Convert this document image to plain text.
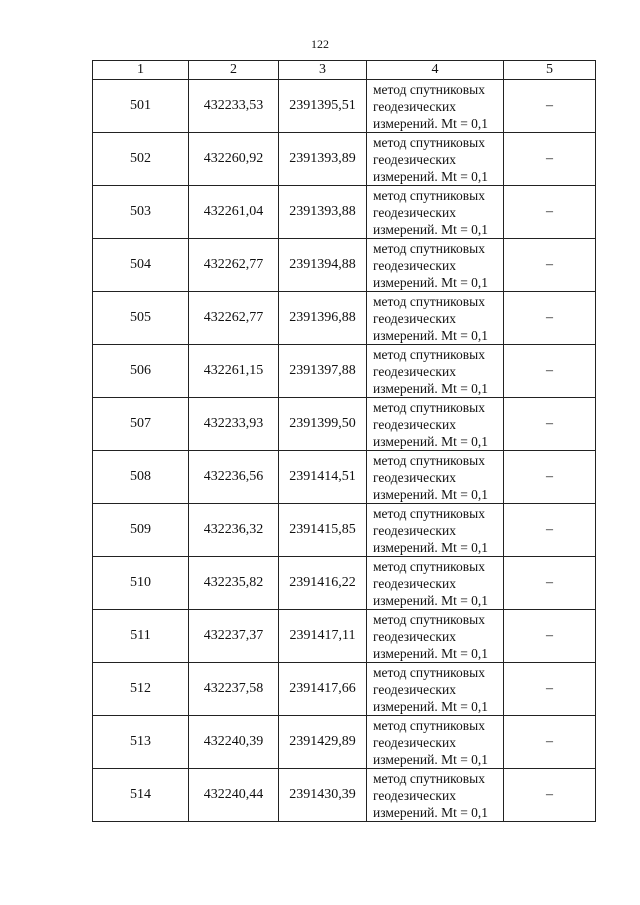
122
1	2	3	4	5
501	432233,53	2391395,51	метод спутниковых
геодезических
измерений. Mt = 0,1	–
502	432260,92	2391393,89	метод спутниковых
геодезических
измерений. Mt = 0,1	–
503	432261,04	2391393,88	метод спутниковых
геодезических
измерений. Mt = 0,1	–
504	432262,77	2391394,88	метод спутниковых
геодезических
измерений. Mt = 0,1	–
505	432262,77	2391396,88	метод спутниковых
геодезических
измерений. Mt = 0,1	–
506	432261,15	2391397,88	метод спутниковых
геодезических
измерений. Mt = 0,1	–
507	432233,93	2391399,50	метод спутниковых
геодезических
измерений. Mt = 0,1	–
508	432236,56	2391414,51	метод спутниковых
геодезических
измерений. Mt = 0,1	–
509	432236,32	2391415,85	метод спутниковых
геодезических
измерений. Mt = 0,1	–
510	432235,82	2391416,22	метод спутниковых
геодезических
измерений. Mt = 0,1	–
511	432237,37	2391417,11	метод спутниковых
геодезических
измерений. Mt = 0,1	–
512	432237,58	2391417,66	метод спутниковых
геодезических
измерений. Mt = 0,1	–
513	432240,39	2391429,89	метод спутниковых
геодезических
измерений. Mt = 0,1	–
514	432240,44	2391430,39	метод спутниковых
геодезических
измерений. Mt = 0,1	–
